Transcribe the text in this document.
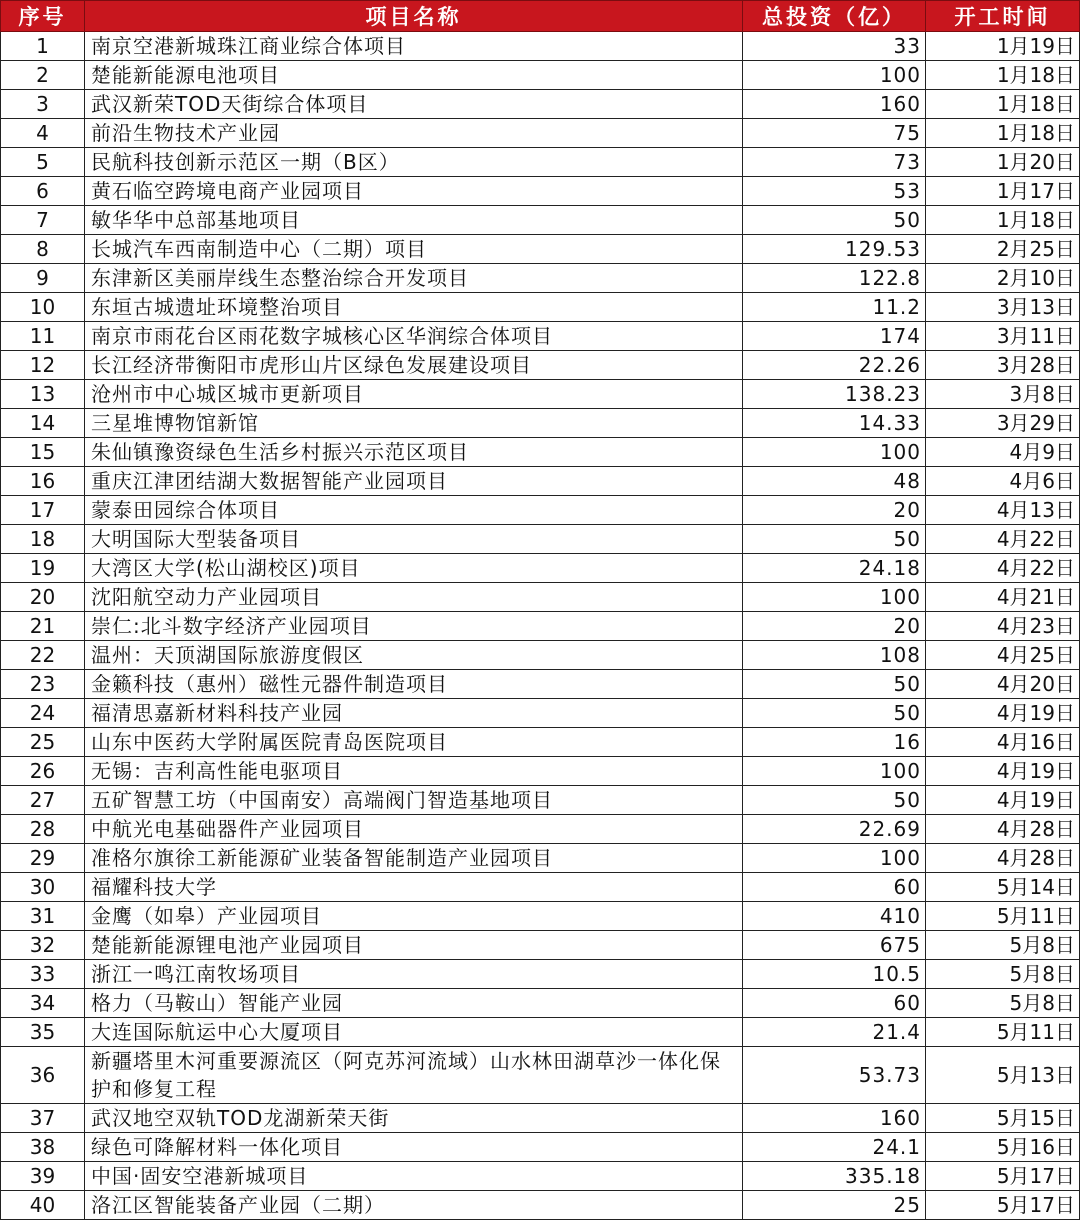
序号	项目名称	总投资（亿）	开工时间
1	南京空港新城珠江商业综合体项目	33	1月19日
2	楚能新能源电池项目	100	1月18日
3	武汉新荣TOD天街综合体项目	160	1月18日
4	前沿生物技术产业园	75	1月18日
5	民航科技创新示范区一期（B区）	73	1月20日
6	黄石临空跨境电商产业园项目	53	1月17日
7	敏华华中总部基地项目	50	1月18日
8	长城汽车西南制造中心（二期）项目	129.53	2月25日
9	东津新区美丽岸线生态整治综合开发项目	122.8	2月10日
10	东垣古城遗址环境整治项目	11.2	3月13日
11	南京市雨花台区雨花数字城核心区华润综合体项目	174	3月11日
12	长江经济带衡阳市虎形山片区绿色发展建设项目	22.26	3月28日
13	沧州市中心城区城市更新项目	138.23	3月8日
14	三星堆博物馆新馆	14.33	3月29日
15	朱仙镇豫资绿色生活乡村振兴示范区项目	100	4月9日
16	重庆江津团结湖大数据智能产业园项目	48	4月6日
17	蒙泰田园综合体项目	20	4月13日
18	大明国际大型装备项目	50	4月22日
19	大湾区大学(松山湖校区)项目	24.18	4月22日
20	沈阳航空动力产业园项目	100	4月21日
21	崇仁:北斗数字经济产业园项目	20	4月23日
22	温州：天顶湖国际旅游度假区	108	4月25日
23	金籁科技（惠州）磁性元器件制造项目	50	4月20日
24	福清思嘉新材料科技产业园	50	4月19日
25	山东中医药大学附属医院青岛医院项目	16	4月16日
26	无锡：吉利高性能电驱项目	100	4月19日
27	五矿智慧工坊（中国南安）高端阀门智造基地项目	50	4月19日
28	中航光电基础器件产业园项目	22.69	4月28日
29	准格尔旗徐工新能源矿业装备智能制造产业园项目	100	4月28日
30	福耀科技大学	60	5月14日
31	金鹰（如皋）产业园项目	410	5月11日
32	楚能新能源锂电池产业园项目	675	5月8日
33	浙江一鸣江南牧场项目	10.5	5月8日
34	格力（马鞍山）智能产业园	60	5月8日
35	大连国际航运中心大厦项目	21.4	5月11日
36	新疆塔里木河重要源流区（阿克苏河流域）山水林田湖草沙一体化保护和修复工程	53.73	5月13日
37	武汉地空双轨TOD龙湖新荣天街	160	5月15日
38	绿色可降解材料一体化项目	24.1	5月16日
39	中国·固安空港新城项目	335.18	5月17日
40	洛江区智能装备产业园（二期）	25	5月17日
